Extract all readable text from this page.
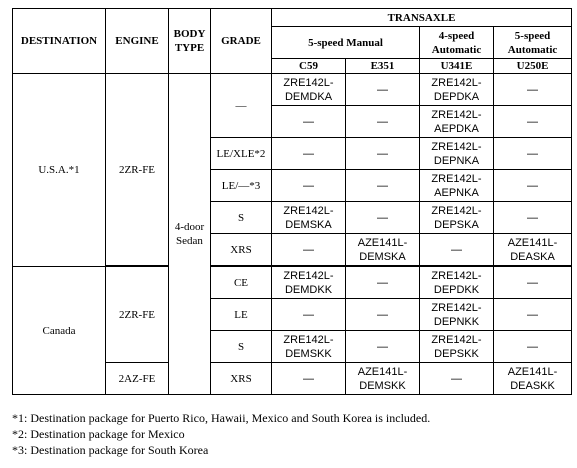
DESTINATION	ENGINE	BODY TYPE	GRADE	TRANSAXLE			
				5-speed Manual		4-speed Automatic	5-speed Automatic
				C59	E351	U341E	U250E
U.S.A.*1	2ZR-FE	4-door Sedan	—	ZRE142L-DEMDKA	—	ZRE142L-DEPDKA	—
				—	—	ZRE142L-AEPDKA	—
			LE/XLE*2	—	—	ZRE142L-DEPNKA	—
			LE/—*3	—	—	ZRE142L-AEPNKA	—
			S	ZRE142L-DEMSKA	—	ZRE142L-DEPSKA	—
			XRS	—	AZE141L-DEMSKA	—	AZE141L-DEASKA

Canada	2ZR-FE		CE	ZRE142L-DEMDKK	—	ZRE142L-DEPDKK	—
			LE	—	—	ZRE142L-DEPNKK	—
			S	ZRE142L-DEMSKK	—	ZRE142L-DEPSKK	—
	2AZ-FE		XRS	—	AZE141L-DEMSKK	—	AZE141L-DEASKK
*1: Destination package for Puerto Rico, Hawaii, Mexico and South Korea is included.
*2: Destination package for Mexico
*3: Destination package for South Korea
